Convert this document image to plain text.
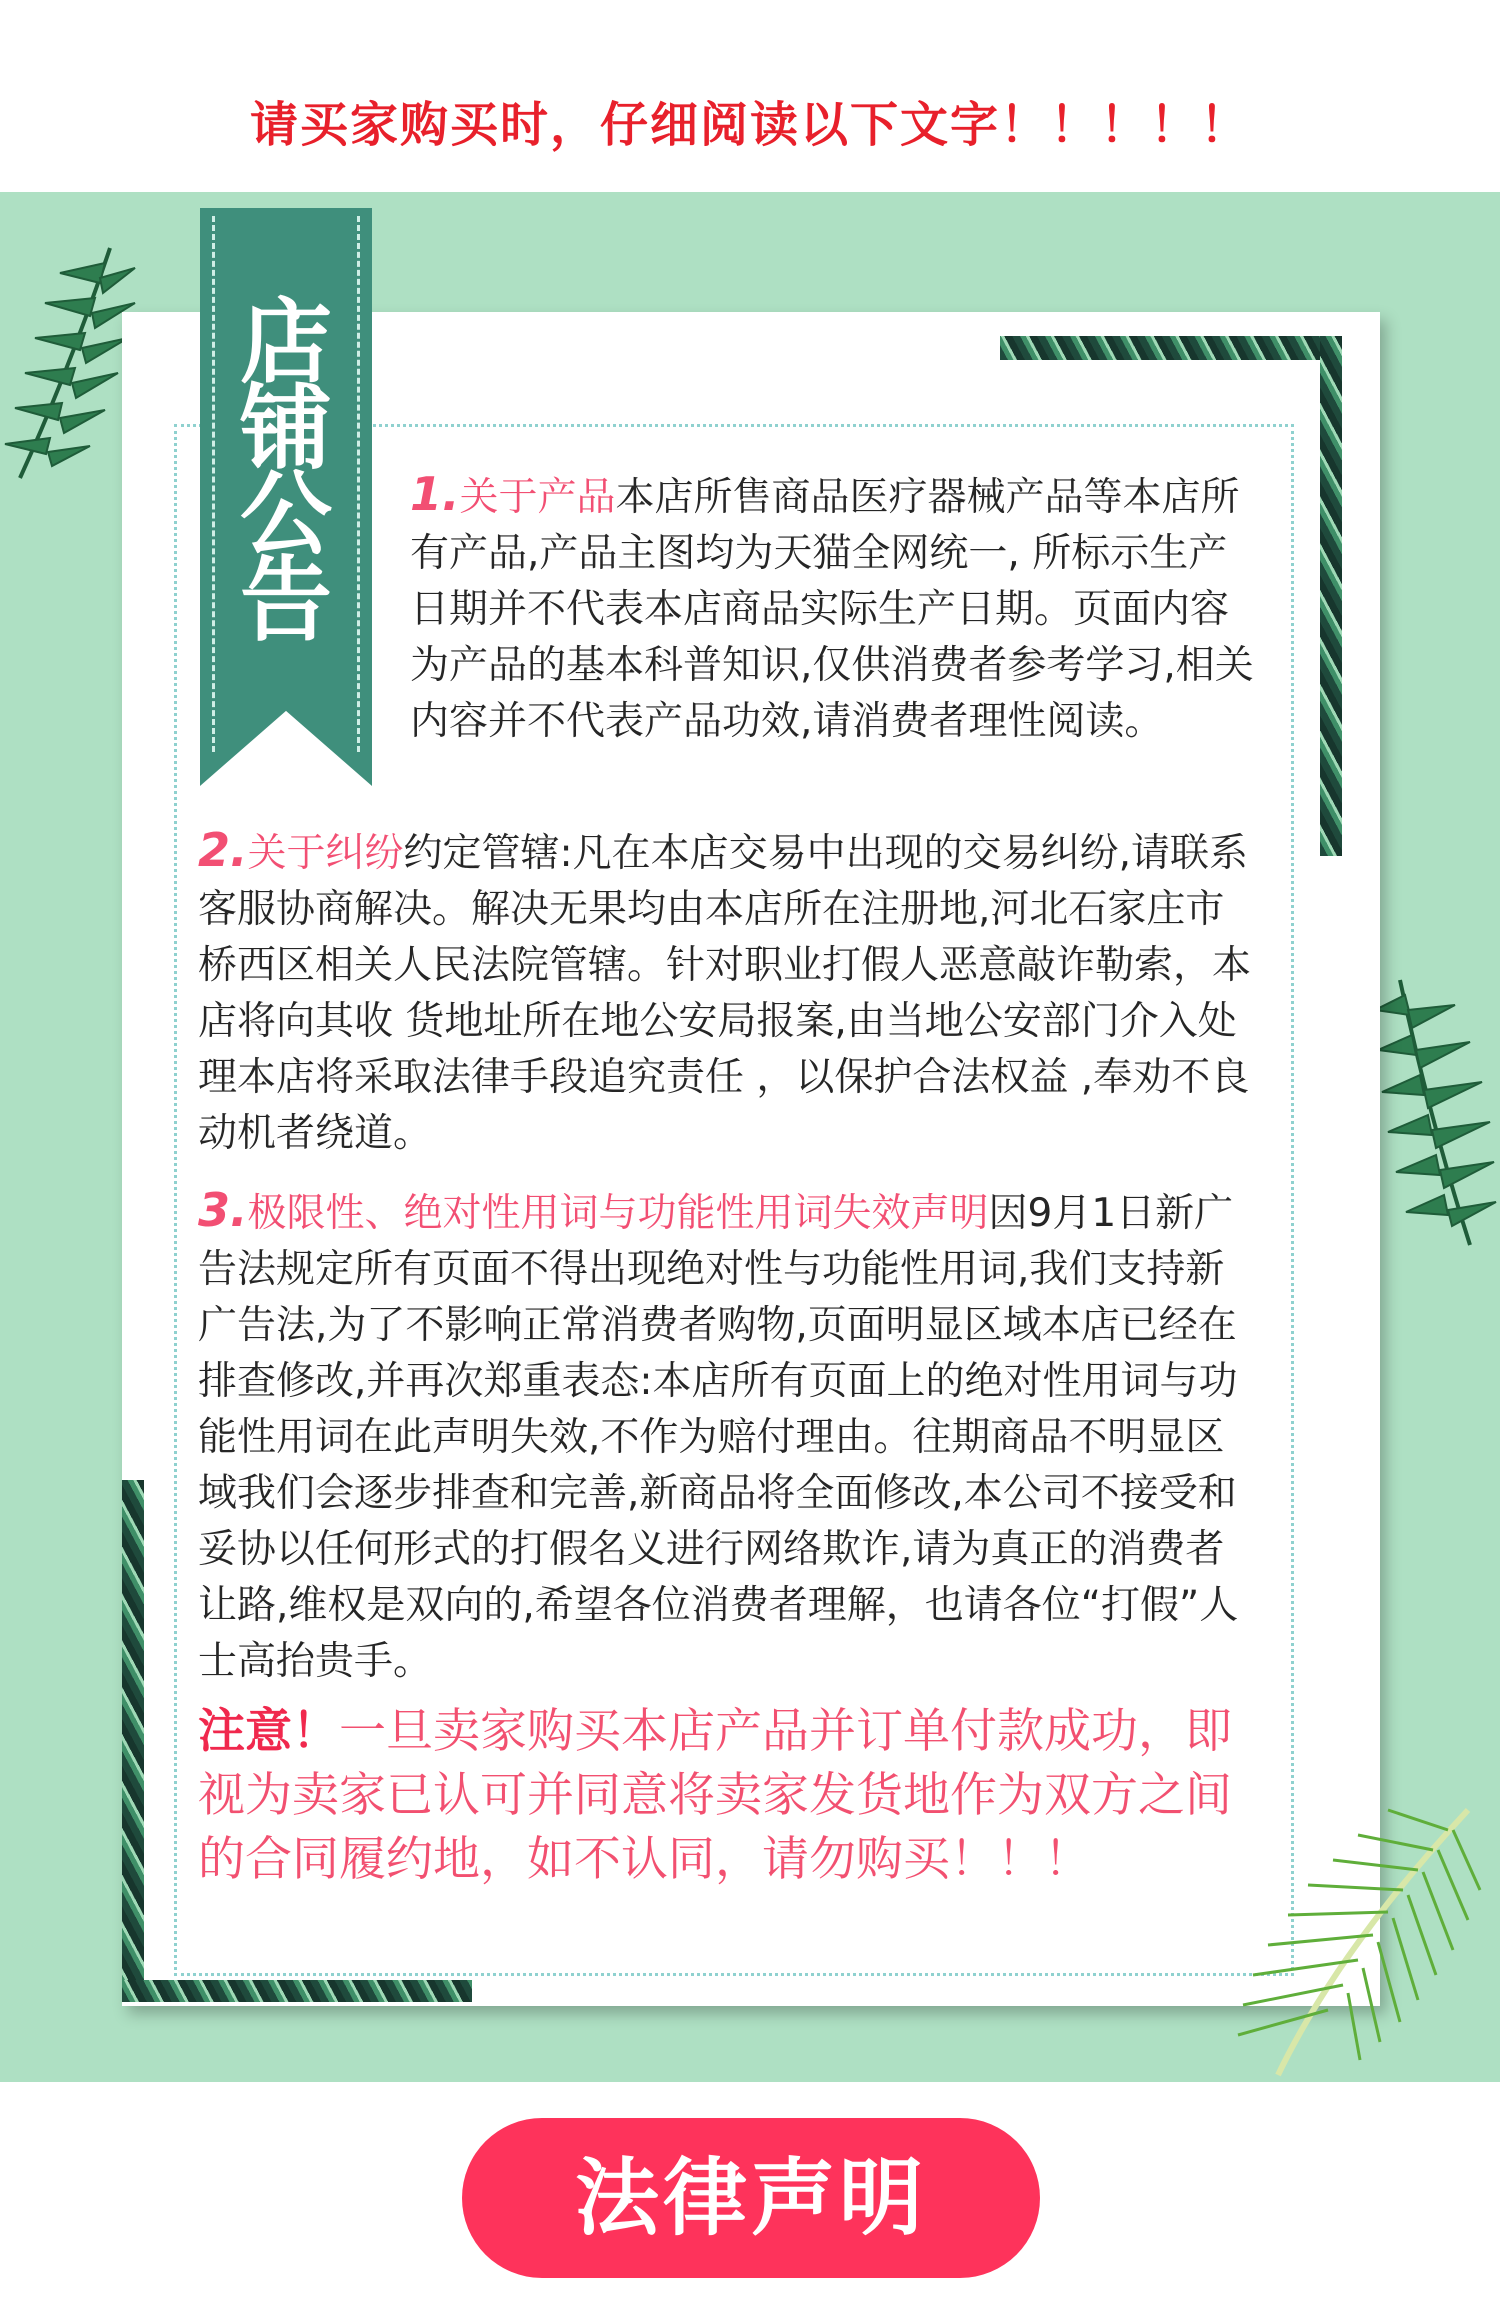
请买家购买时，仔细阅读以下文字！！！！！
店
铺
公
告
1.关于产品本店所售商品医疗器械产品等本店所有产品,产品主图均为天猫全网统一, 所标示生产日期并不代表本店商品实际生产日期。页面内容为产品的基本科普知识,仅供消费者参考学习,相关内容并不代表产品功效,请消费者理性阅读。
2.关于纠纷约定管辖:凡在本店交易中出现的交易纠纷,请联系客服协商解决。解决无果均由本店所在注册地,河北石家庄市桥西区相关人民法院管辖。针对职业打假人恶意敲诈勒索，本店将向其收 货地址所在地公安局报案,由当地公安部门介入处理本店将采取法律手段追究责任 ，以保护合法权益 ,奉劝不良动机者绕道。
3.极限性、绝对性用词与功能性用词失效声明因9月1日新广告法规定所有页面不得出现绝对性与功能性用词,我们支持新广告法,为了不影响正常消费者购物,页面明显区域本店已经在排查修改,并再次郑重表态:本店所有页面上的绝对性用词与功能性用词在此声明失效,不作为赔付理由。往期商品不明显区域我们会逐步排查和完善,新商品将全面修改,本公司不接受和妥协以任何形式的打假名义进行网络欺诈,请为真正的消费者让路,维权是双向的,希望各位消费者理解，也请各位“打假”人士高抬贵手。
注意！一旦卖家购买本店产品并订单付款成功，即视为卖家已认可并同意将卖家发货地作为双方之间的合同履约地，如不认同，请勿购买！！！
法律声明
